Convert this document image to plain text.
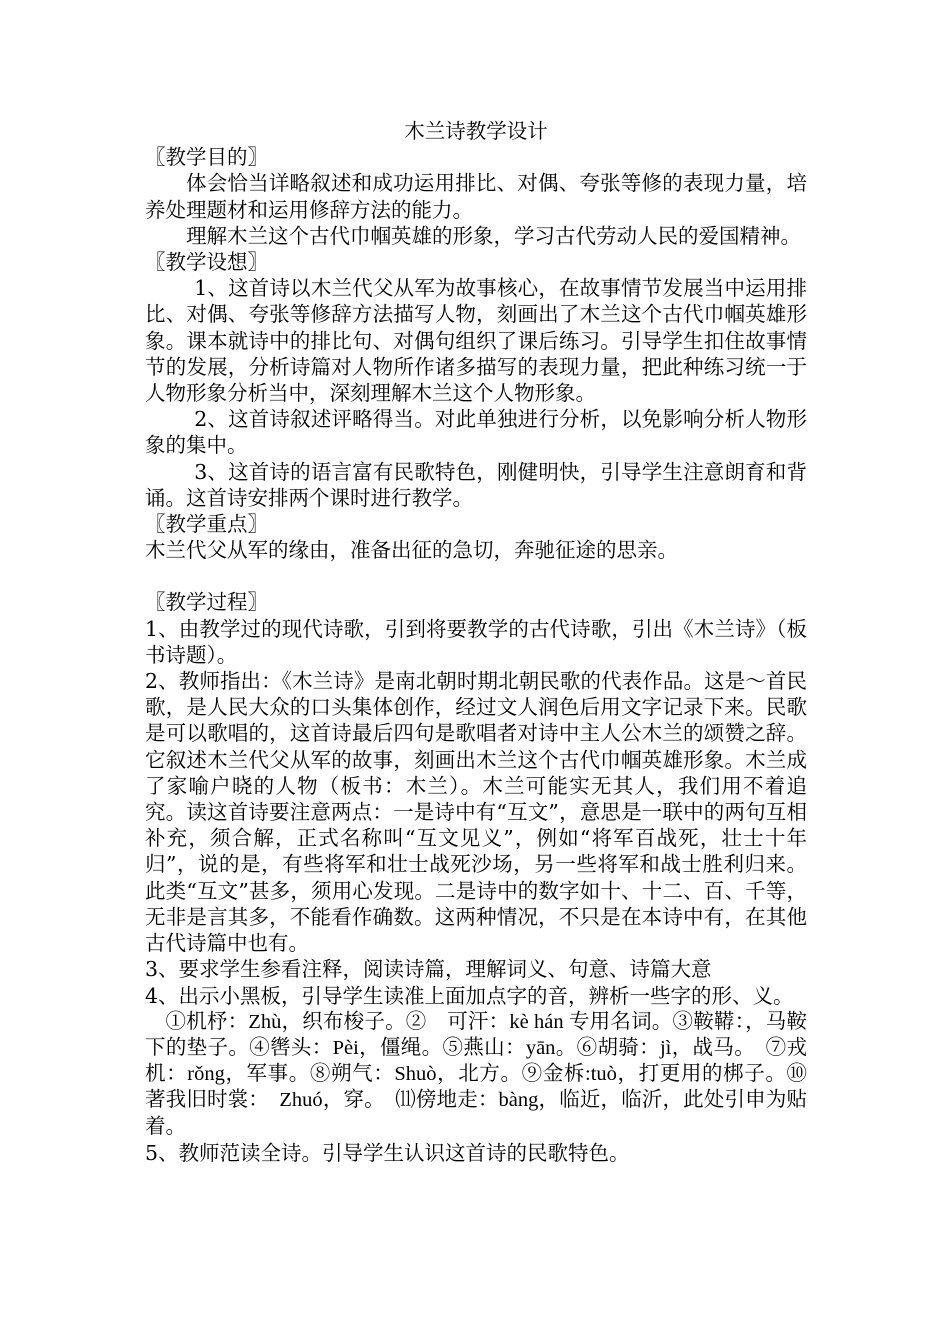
木兰诗教学设计

〖教学目的〗

体会恰当详略叙述和成功运用排比、对偶、夸张等修的表现力量，培养处理题材和运用修辞方法的能力。

理解木兰这个古代巾帼英雄的形象，学习古代劳动人民的爱国精神。

〖教学设想〗

1、这首诗以木兰代父从军为故事核心，在故事情节发展当中运用排比、对偶、夸张等修辞方法描写人物，刻画出了木兰这个古代巾帼英雄形象。课本就诗中的排比句、对偶句组织了课后练习。引导学生扣住故事情节的发展，分析诗篇对人物所作诸多描写的表现力量，把此种练习统一于人物形象分析当中，深刻理解木兰这个人物形象。

2、这首诗叙述评略得当。对此单独进行分析，以免影响分析人物形象的集中。

3、这首诗的语言富有民歌特色，刚健明快，引导学生注意朗育和背诵。这首诗安排两个课时进行教学。

〖教学重点〗

木兰代父从军的缘由，准备出征的急切，奔驰征途的思亲。

〖教学过程〗

1、由教学过的现代诗歌，引到将要教学的古代诗歌，引出《木兰诗》（板书诗题）。

2、教师指出：《木兰诗》是南北朝时期北朝民歌的代表作品。这是～首民歌，是人民大众的口头集体创作，经过文人润色后用文字记录下来。民歌是可以歌唱的，这首诗最后四句是歌唱者对诗中主人公木兰的颂赞之辞。它叙述木兰代父从军的故事，刻画出木兰这个古代巾帼英雄形象。木兰成了家喻户晓的人物（板书：木兰）。木兰可能实无其人，我们用不着追究。读这首诗要注意两点：一是诗中有“互文”，意思是一联中的两句互相补充，须合解，正式名称叫“互文见义”，例如“将军百战死，壮士十年归”，说的是，有些将军和壮士战死沙场，另一些将军和战士胜利归来。此类“互文”甚多，须用心发现。二是诗中的数字如十、十二、百、千等，无非是言其多，不能看作确数。这两种情况，不只是在本诗中有，在其他古代诗篇中也有。

3、要求学生参看注释，阅读诗篇，理解词义、句意、诗篇大意

4、出示小黑板，引导学生读准上面加点字的音，辨析一些字的形、义。

①机杼：Zhù，织布梭子。②　可汗：kè hán 专用名词。③鞍鞯：，马鞍下的垫子。④辔头：Pèi，僵绳。⑤燕山：yān。⑥胡骑：jì，战马。　⑦戎机：rǒng，军事。⑧朔气：Shuò，北方。⑨金柝:tuò，打更用的梆子。⑩著我旧时裳：　Zhuó，穿。　⑾傍地走：bàng，临近，临沂，此处引申为贴着。

5、教师范读全诗。引导学生认识这首诗的民歌特色。
